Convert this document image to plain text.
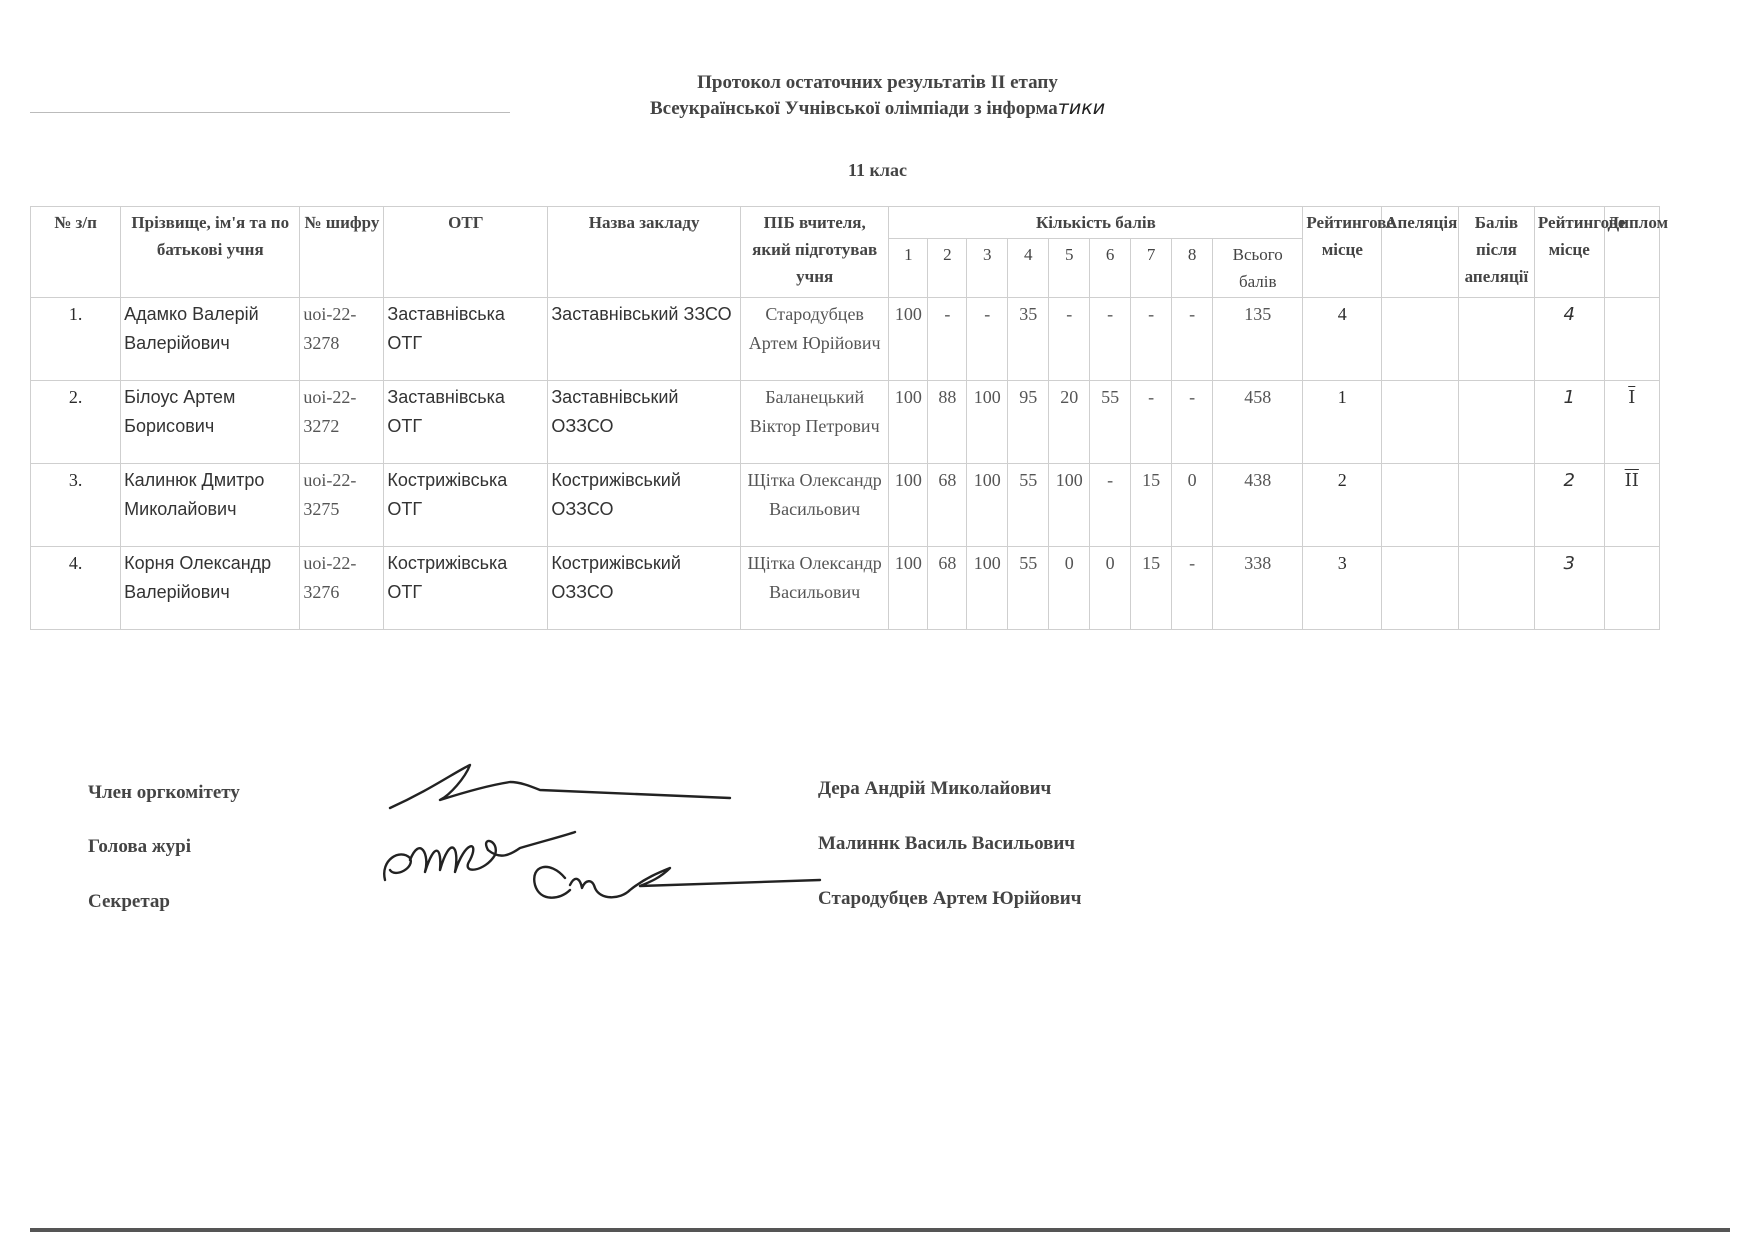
Протокол остаточних результатів ІІ етапу
Всеукраїнської Учнівської олімпіади з інформатики
11 клас
№ з/п	Прізвище, ім'я та по батькові учня	№ шифру	ОТГ	Назва закладу	ПІБ вчителя, який підготував учня	Кількість балів									Рейтингове місце	Апеляція	Балів після апеляції	Рейтингове місце	Диплом
						1	2	3	4	5	6	7	8	Всього балів					
1.	Адамко Валерій Валерійович	uoi-22-3278	Заставнівська ОТГ	Заставнівський ЗЗСО	Стародубцев Артем Юрійович	100	-	-	35	-	-	-	-	135	4			4	
2.	Білоус Артем Борисович	uoi-22-3272	Заставнівська ОТГ	Заставнівський ОЗЗСО	Баланецький Віктор Петрович	100	88	100	95	20	55	-	-	458	1			1	$\overline{I}$
3.	Калинюк Дмитро Миколайович	uoi-22-3275	Кострижівська ОТГ	Кострижівський ОЗЗСО	Щітка Олександр Васильович	100	68	100	55	100	-	15	0	438	2			2	$\overline{II}$
4.	Корня Олександр Валерійович	uoi-22-3276	Кострижівська ОТГ	Кострижівський ОЗЗСО	Щітка Олександр Васильович	100	68	100	55	0	0	15	-	338	3			3	
Член оргкомітету	Дера Андрій Миколайович
Голова журі	Малиннк Василь Васильович
Секретар	Стародубцев Артем Юрійович
